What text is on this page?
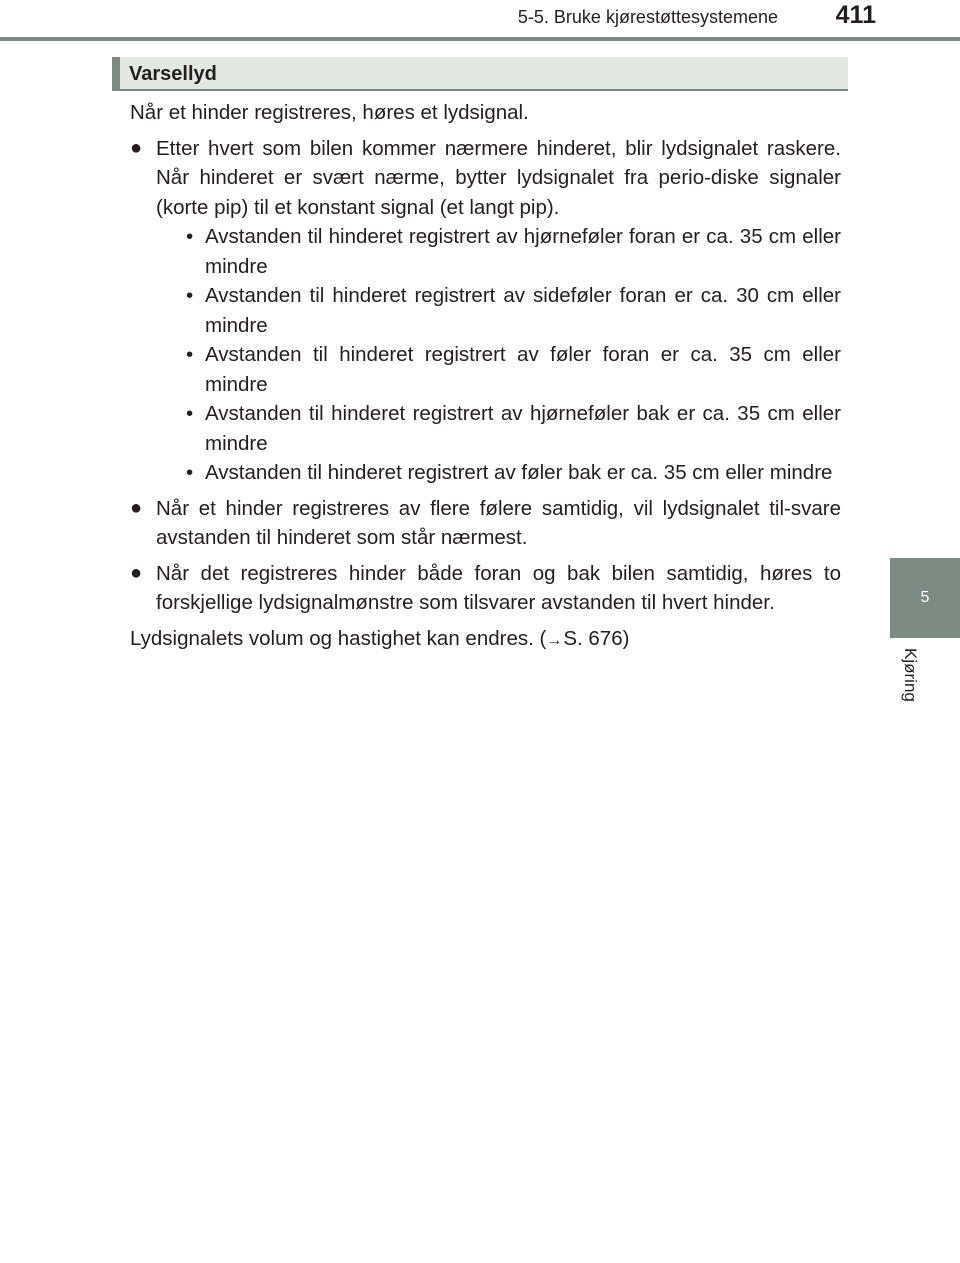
5-5. Bruke kjørestøttesystemene 411
5
Kjøring
Varsellyd

Når et hinder registreres, høres et lydsignal.

● Etter hvert som bilen kommer nærmere hinderet, blir lydsignalet raskere. Når hinderet er svært nærme, bytter lydsignalet fra perio-diske signaler (korte pip) til et konstant signal (et langt pip).
• Avstanden til hinderet registrert av hjørneføler foran er ca. 35 cm eller mindre
• Avstanden til hinderet registrert av sideføler foran er ca. 30 cm eller mindre
• Avstanden til hinderet registrert av føler foran er ca. 35 cm eller mindre
• Avstanden til hinderet registrert av hjørneføler bak er ca. 35 cm eller mindre
• Avstanden til hinderet registrert av føler bak er ca. 35 cm eller mindre
● Når et hinder registreres av flere følere samtidig, vil lydsignalet til-svare avstanden til hinderet som står nærmest.
● Når det registreres hinder både foran og bak bilen samtidig, høres to forskjellige lydsignalmønstre som tilsvarer avstanden til hvert hinder.

Lydsignalets volum og hastighet kan endres. (→S. 676)
